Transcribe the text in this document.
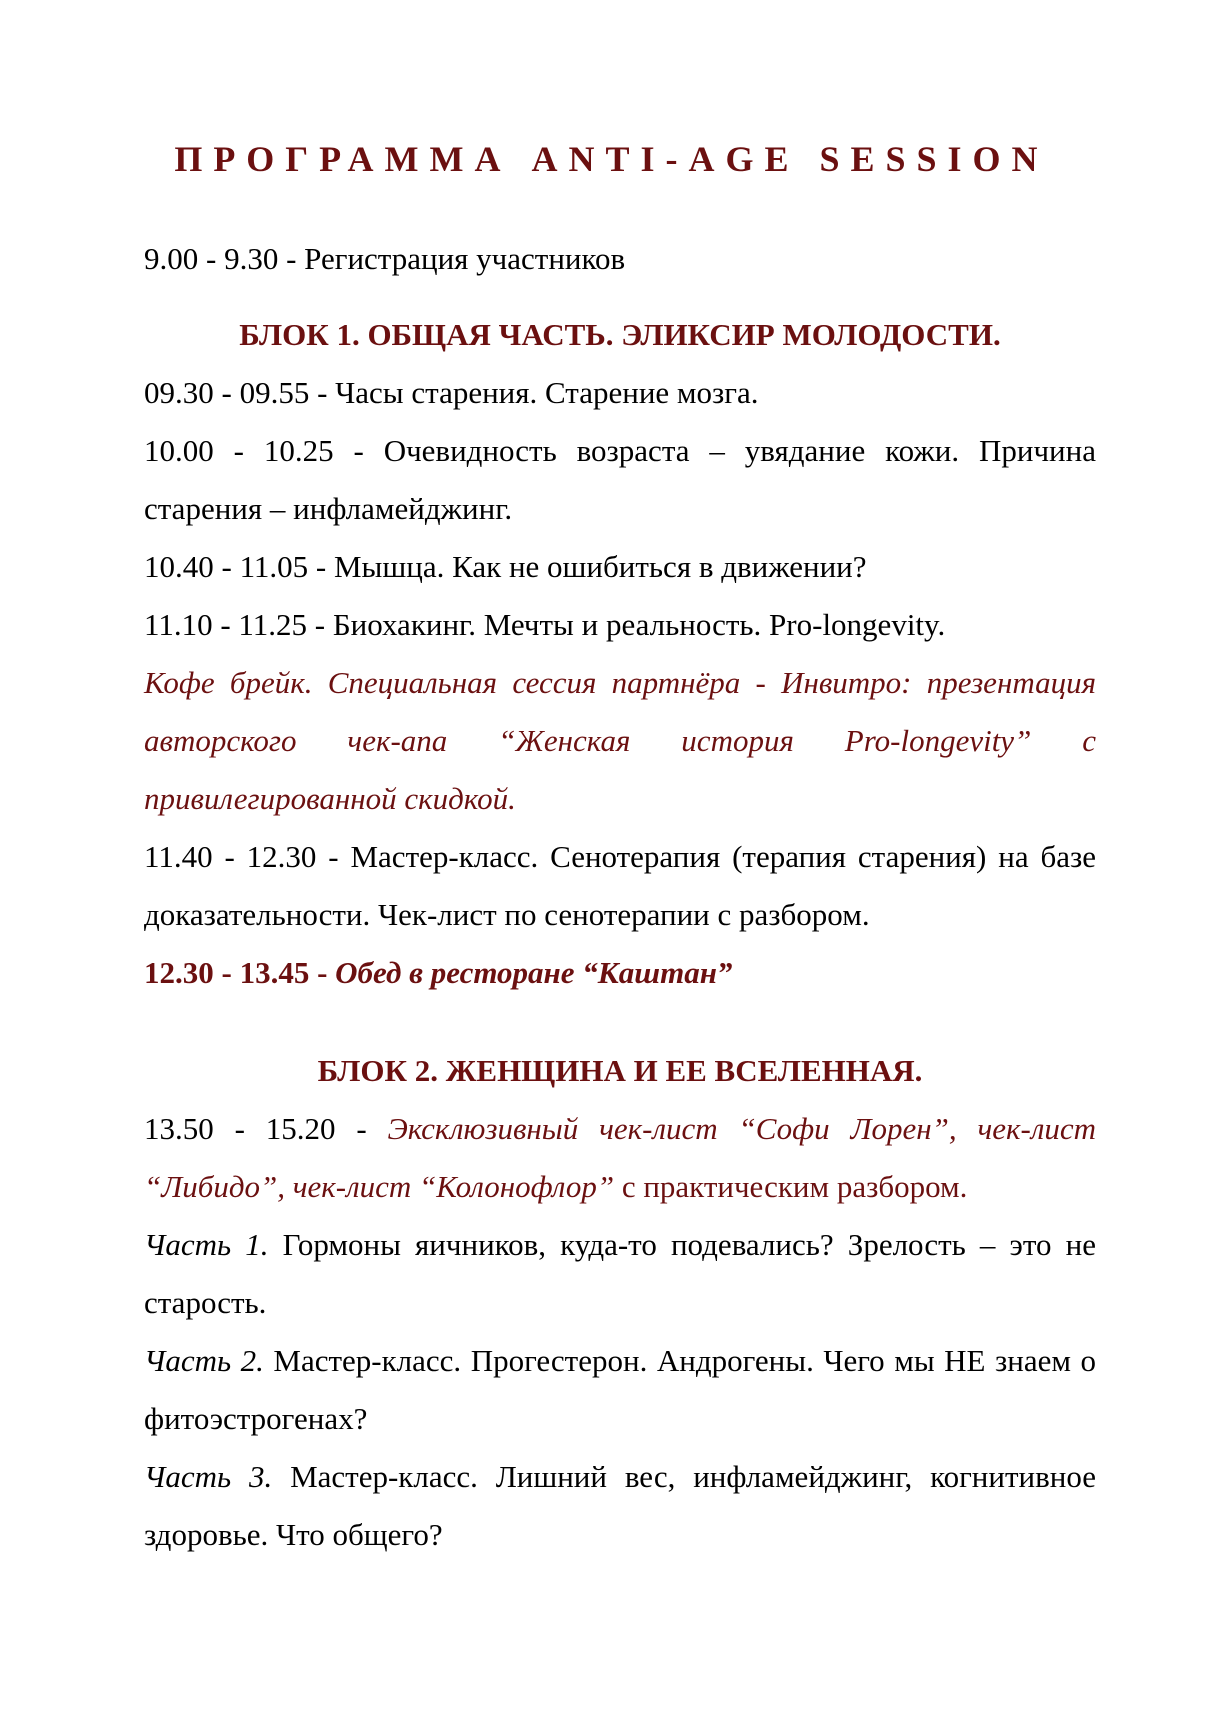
ПРОГРАММА ANTI-AGE SESSION

9.00 - 9.30 - Регистрация участников

БЛОК 1. ОБЩАЯ ЧАСТЬ. ЭЛИКСИР МОЛОДОСТИ.

09.30 - 09.55 - Часы старения. Старение мозга.

10.00 - 10.25 - Очевидность возраста – увядание кожи. Причина старения – инфламейджинг.

10.40 - 11.05 - Мышца. Как не ошибиться в движении?

11.10 - 11.25 - Биохакинг. Мечты и реальность. Pro-longevity.

Кофе брейк. Специальная сессия партнёра - Инвитро: презентация авторского чек-апа “Женская история Pro-longevity” с привилегированной скидкой.

11.40 - 12.30 - Мастер-класс. Сенотерапия (терапия старения) на базе доказательности. Чек-лист по сенотерапии с разбором.

12.30 - 13.45 - Обед в ресторане “Каштан”

БЛОК 2. ЖЕНЩИНА И ЕЕ ВСЕЛЕННАЯ.

13.50 - 15.20 - Эксклюзивный чек-лист “Софи Лорен”, чек-лист “Либидо”, чек-лист “Колонофлор” с практическим разбором.

Часть 1. Гормоны яичников, куда-то подевались? Зрелость – это не старость.

Часть 2. Мастер-класс. Прогестерон. Андрогены. Чего мы НЕ знаем о фитоэстрогенах?

Часть 3. Мастер-класс. Лишний вес, инфламейджинг, когнитивное здоровье. Что общего?
